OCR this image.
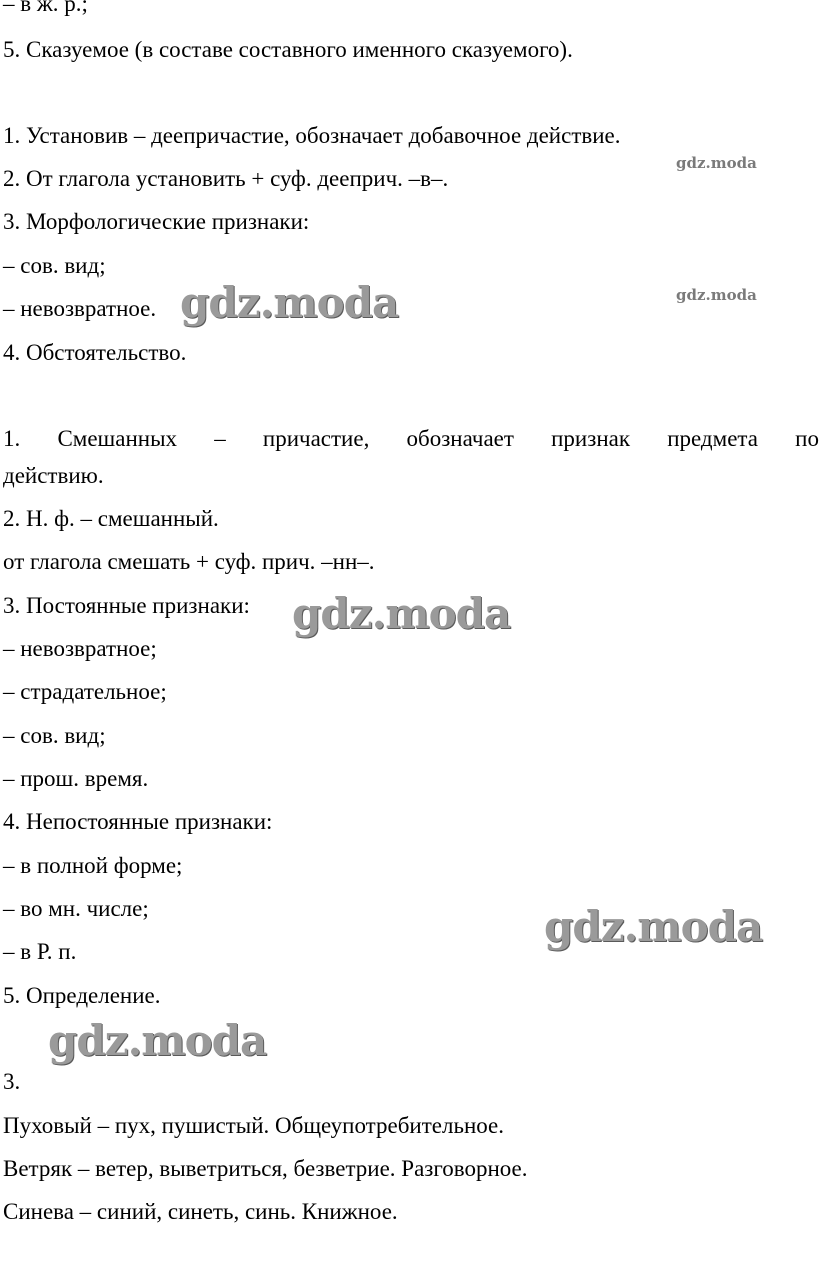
– в ж. р.;
5. Сказуемое (в составе составного именного сказуемого).
1. Установив – деепричастие, обозначает добавочное действие.
2. От глагола установить + суф. дееприч. –в–.
3. Морфологические признаки:
– сов. вид;
– невозвратное.
4. Обстоятельство.
1. Смешанных – причастие, обозначает признак предмета по
действию.
2. Н. ф. – смешанный.
от глагола смешать + суф. прич. –нн–.
3. Постоянные признаки:
– невозвратное;
– страдательное;
– сов. вид;
– прош. время.
4. Непостоянные признаки:
– в полной форме;
– во мн. числе;
– в Р. п.
5. Определение.
3.
Пуховый – пух, пушистый. Общеупотребительное.
Ветряк – ветер, выветриться, безветрие. Разговорное.
Синева – синий, синеть, синь. Книжное.
gdz.moda
gdz.moda
gdz.moda
gdz.moda
gdz.moda
gdz.moda
